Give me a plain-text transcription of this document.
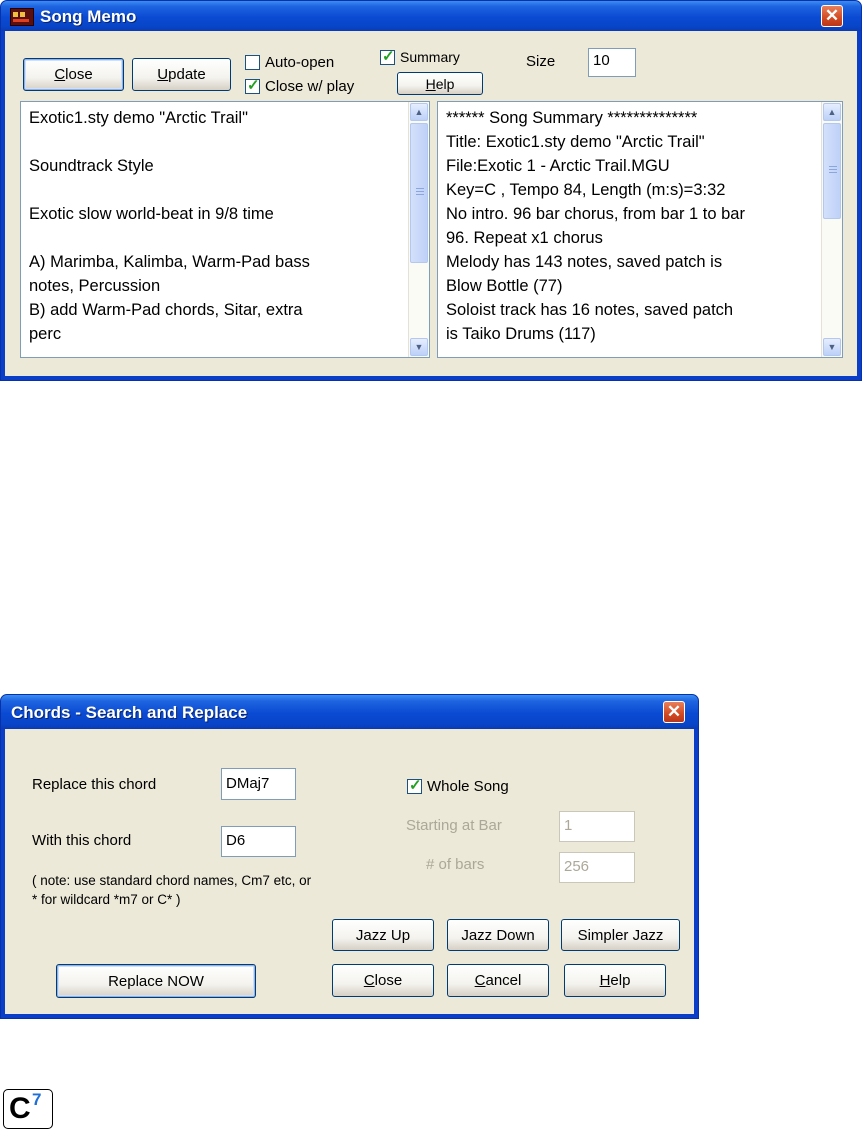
Song Memo	✕
Close	Update
Auto-open
✓ Close w/ play
✓ Summary
Help
Size	10
Exotic1.sty demo "Arctic Trail"
Soundtrack Style
Exotic slow world-beat in 9/8 time
A) Marimba, Kalimba, Warm-Pad bass
notes, Percussion
B) add Warm-Pad chords, Sitar, extra
perc
▲
▼
****** Song Summary **************
Title: Exotic1.sty demo "Arctic Trail"
File:Exotic 1 - Arctic Trail.MGU
Key=C , Tempo 84, Length (m:s)=3:32
No intro. 96 bar chorus, from bar 1 to bar
96. Repeat x1 chorus
Melody has 143 notes, saved patch is
Blow Bottle (77)
Soloist track has 16 notes, saved patch
is Taiko Drums (117)
▲
▼
Chords - Search and Replace	✕
Replace this chord	DMaj7
With this chord	D6
( note: use standard chord names, Cm7 etc, or
* for wildcard *m7 or C* )
✓ Whole Song
Starting at Bar	1
# of bars	256
Jazz Up	Jazz Down	Simpler Jazz
Replace NOW	Close	Cancel	Help
C 7
